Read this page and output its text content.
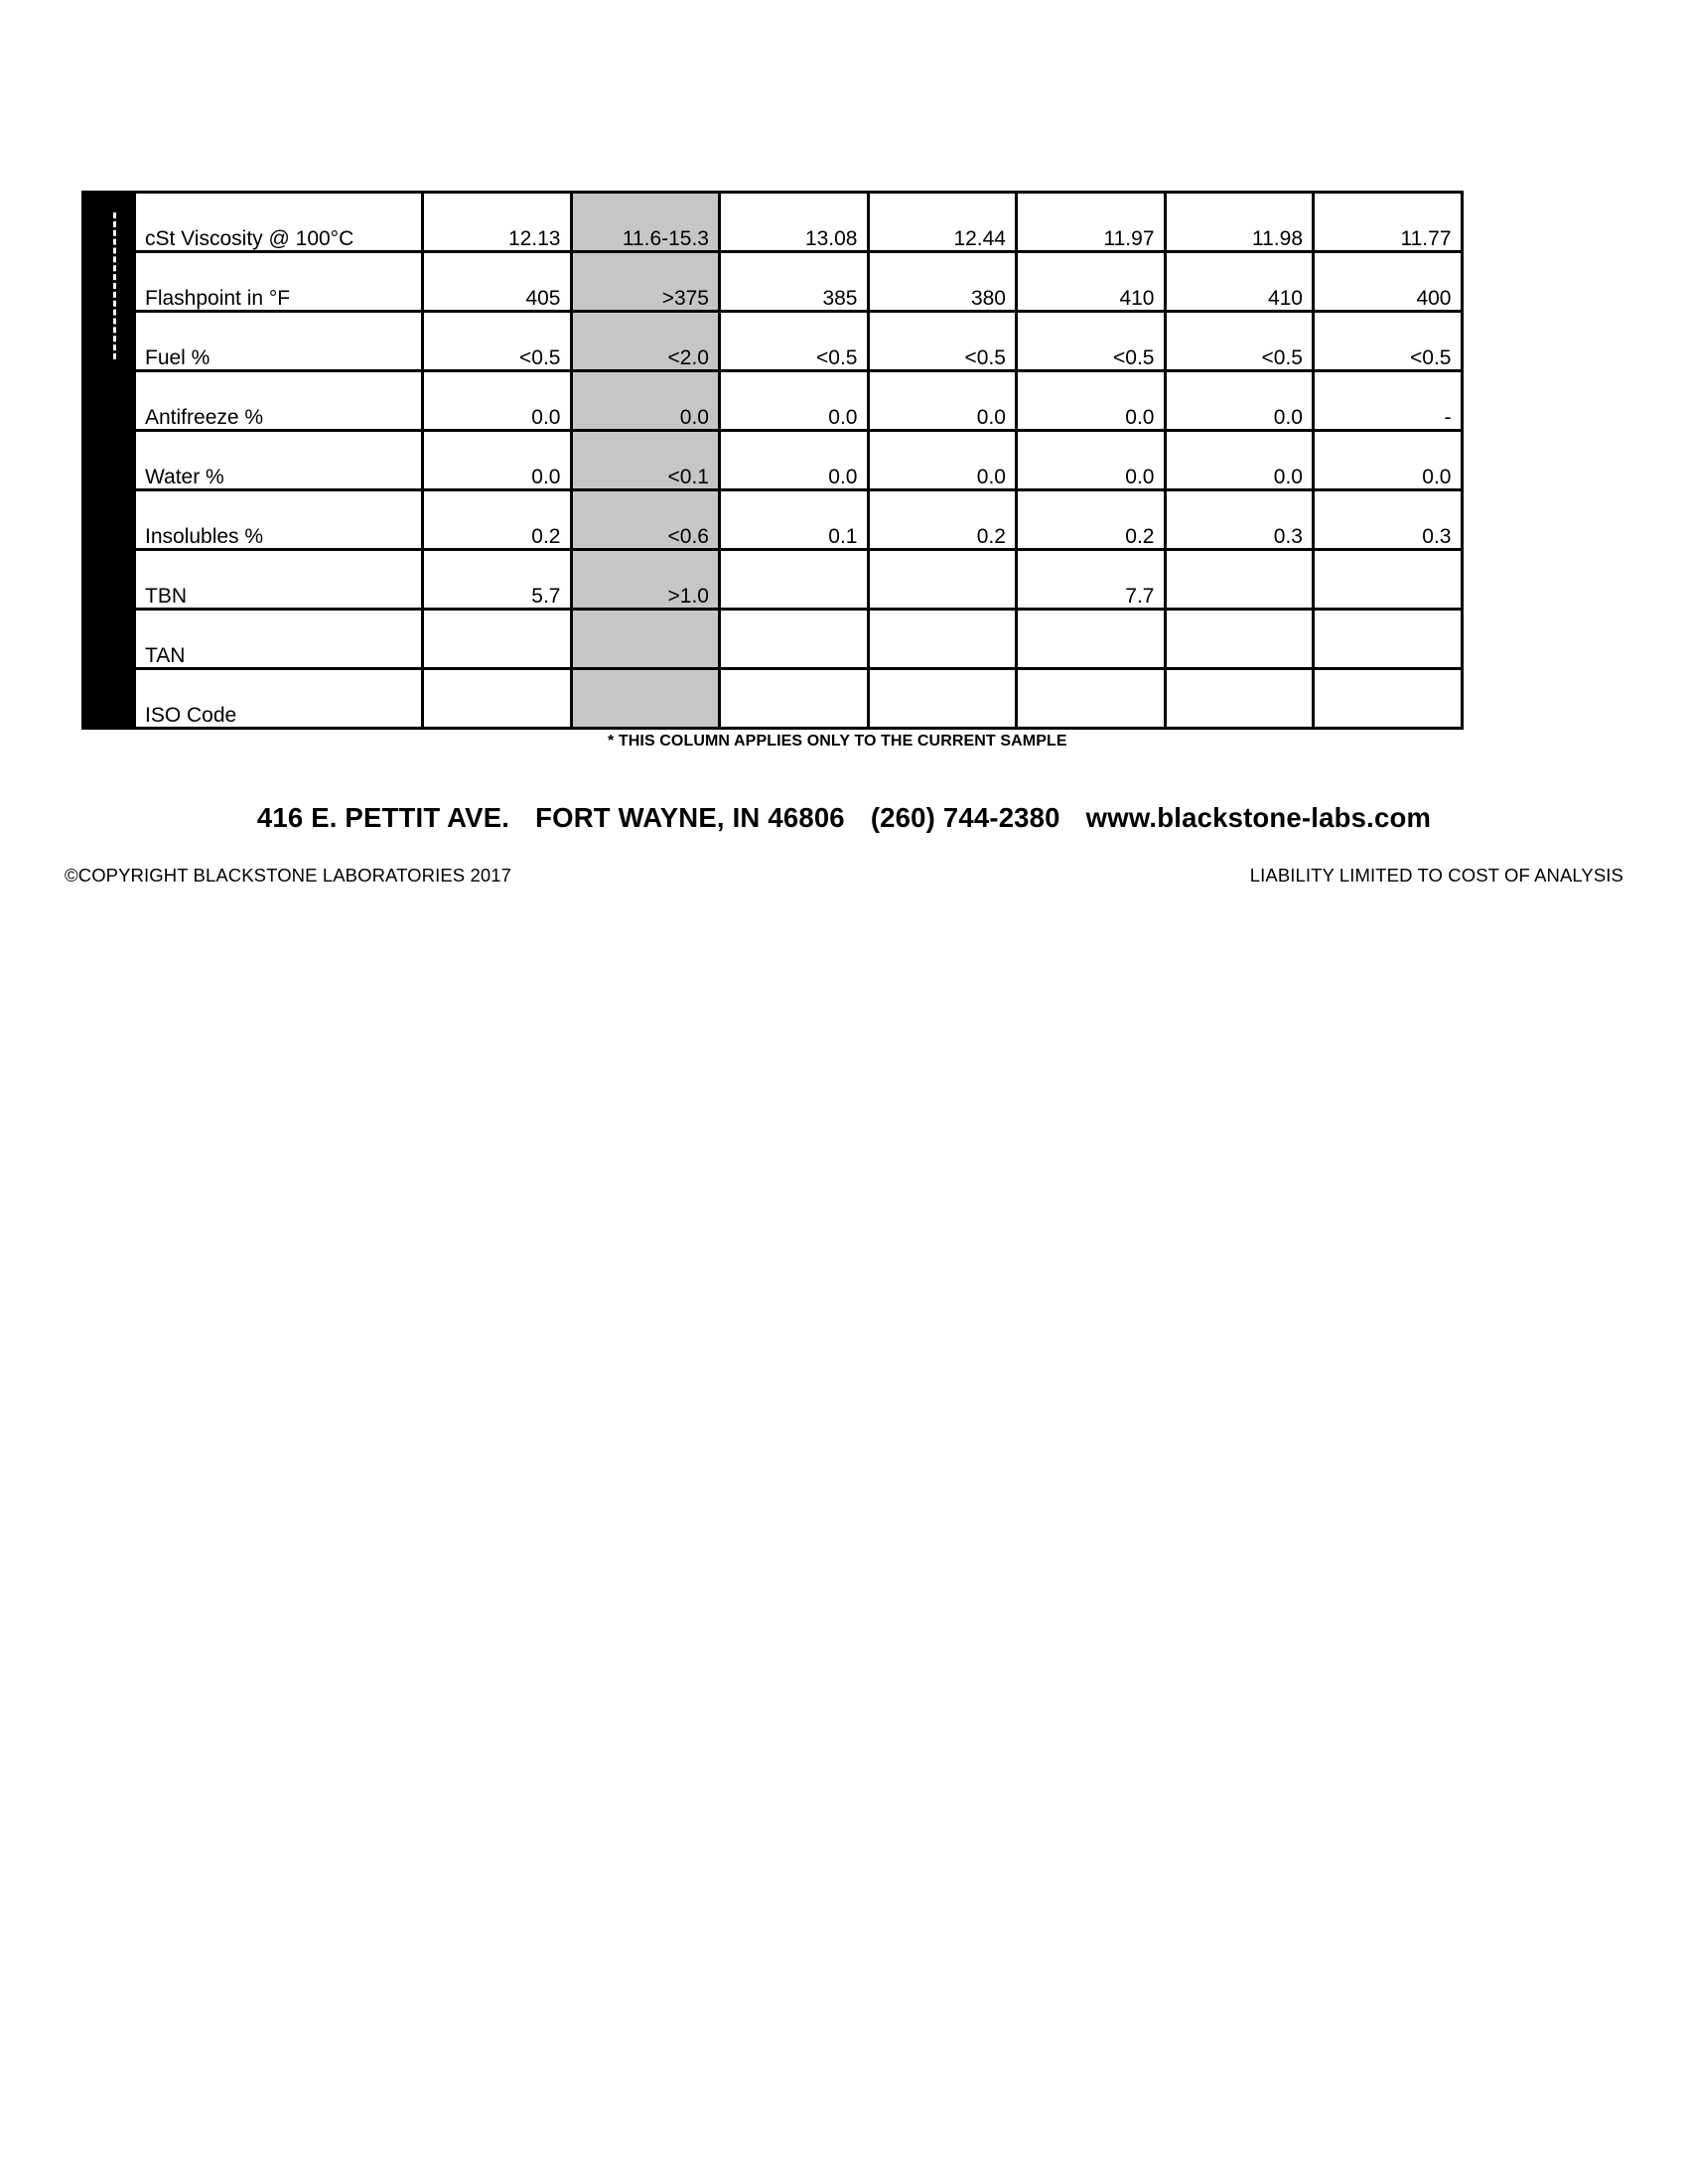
cSt Viscosity @ 100°C	12.13	11.6-15.3	13.08	12.44	11.97	11.98	11.77
Flashpoint in °F	405	>375	385	380	410	410	400
Fuel %	<0.5	<2.0	<0.5	<0.5	<0.5	<0.5	<0.5
Antifreeze %	0.0	0.0	0.0	0.0	0.0	0.0	-
Water %	0.0	<0.1	0.0	0.0	0.0	0.0	0.0
Insolubles %	0.2	<0.6	0.1	0.2	0.2	0.3	0.3
TBN	5.7	>1.0			7.7		
TAN							
ISO Code							
* THIS COLUMN APPLIES ONLY TO THE CURRENT SAMPLE
416 E. PETTIT AVE. FORT WAYNE, IN 46806 (260) 744-2380 www.blackstone-labs.com
©COPYRIGHT BLACKSTONE LABORATORIES 2017	LIABILITY LIMITED TO COST OF ANALYSIS
